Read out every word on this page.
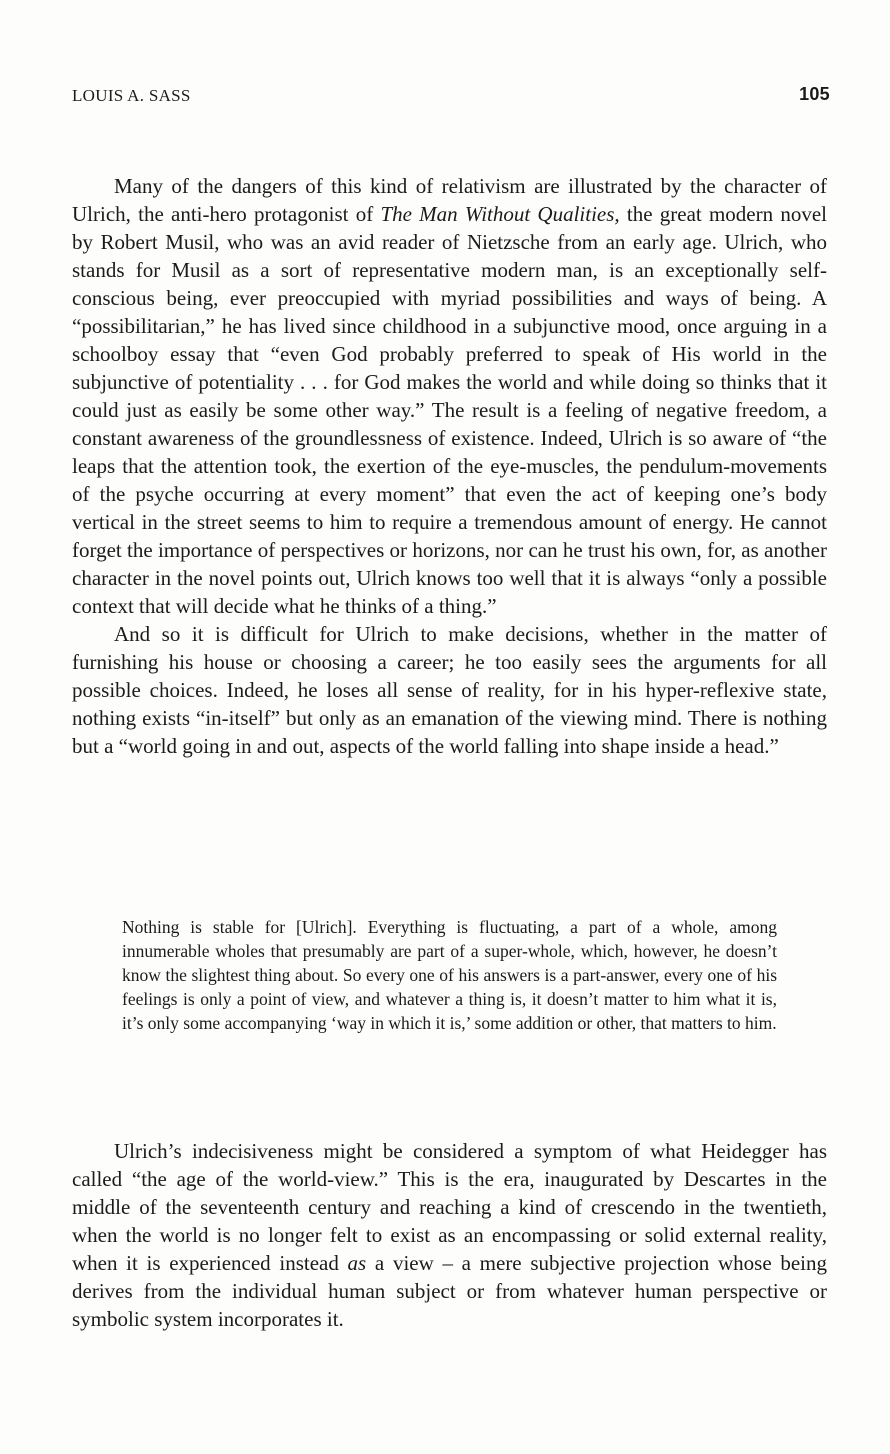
LOUIS A. SASS	105

Many of the dangers of this kind of relativism are illustrated by the character of Ulrich, the anti-hero protagonist of The Man Without Qualities, the great modern novel by Robert Musil, who was an avid reader of Nietzsche from an early age. Ulrich, who stands for Musil as a sort of representative modern man, is an exceptionally self-conscious being, ever preoccupied with myriad possibilities and ways of being. A “possibilitarian,” he has lived since childhood in a subjunctive mood, once arguing in a schoolboy essay that “even God probably preferred to speak of His world in the subjunctive of potentiality . . . for God makes the world and while doing so thinks that it could just as easily be some other way.” The result is a feeling of negative freedom, a constant awareness of the groundlessness of existence. Indeed, Ulrich is so aware of “the leaps that the attention took, the exertion of the eye-muscles, the pendulum-movements of the psyche occurring at every moment” that even the act of keeping one’s body vertical in the street seems to him to require a tremendous amount of energy. He cannot forget the importance of perspectives or horizons, nor can he trust his own, for, as another character in the novel points out, Ulrich knows too well that it is always “only a possible context that will decide what he thinks of a thing.”

And so it is difficult for Ulrich to make decisions, whether in the matter of furnishing his house or choosing a career; he too easily sees the arguments for all possible choices. Indeed, he loses all sense of reality, for in his hyper-reflexive state, nothing exists “in-itself” but only as an emanation of the viewing mind. There is nothing but a “world going in and out, aspects of the world falling into shape inside a head.”

Nothing is stable for [Ulrich]. Everything is fluctuating, a part of a whole, among innumerable wholes that presumably are part of a super-whole, which, however, he doesn’t know the slightest thing about. So every one of his answers is a part-answer, every one of his feelings is only a point of view, and whatever a thing is, it doesn’t matter to him what it is, it’s only some accompanying ‘way in which it is,’ some addition or other, that matters to him.

Ulrich’s indecisiveness might be considered a symptom of what Heidegger has called “the age of the world-view.” This is the era, inaugurated by Descartes in the middle of the seventeenth century and reaching a kind of crescendo in the twentieth, when the world is no longer felt to exist as an encompassing or solid external reality, when it is experienced instead as a view – a mere subjective projection whose being derives from the individual human subject or from whatever human perspective or symbolic system incorporates it.
